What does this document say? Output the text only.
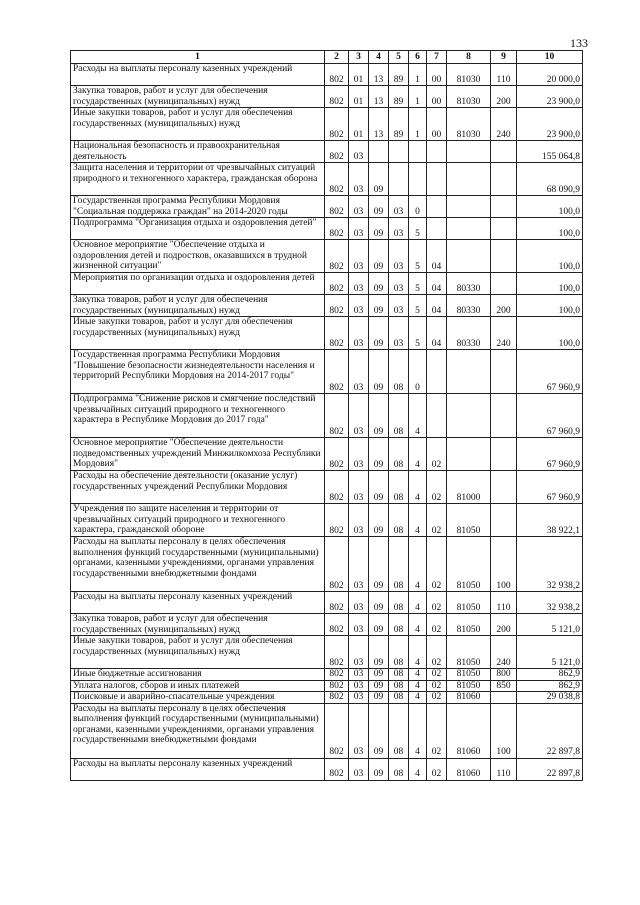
133
1	2	3	4	5	6	7	8	9	10
Расходы на выплаты персоналу казенных учреждений	802	01	13	89	1	00	81030	110	20 000,0
Закупка товаров, работ и услуг для обеспечения государственных (муниципальных) нужд	802	01	13	89	1	00	81030	200	23 900,0
Иные закупки товаров, работ и услуг для обеспечения государственных (муниципальных) нужд	802	01	13	89	1	00	81030	240	23 900,0
Национальная безопасность и правоохранительная деятельность	802	03							155 064,8
Защита населения и территории от чрезвычайных ситуаций природного и техногенного характера, гражданская оборона	802	03	09						68 090,9
Государственная программа Республики Мордовия "Социальная поддержка граждан" на 2014-2020 годы	802	03	09	03	0				100,0
Подпрограмма "Организация отдыха и оздоровления детей"	802	03	09	03	5				100,0
Основное мероприятие "Обеспечение отдыха и оздоровления детей и подростков, оказавшихся в трудной жизненной ситуации"	802	03	09	03	5	04			100,0
Мероприятия по организации отдыха и оздоровления детей	802	03	09	03	5	04	80330		100,0
Закупка товаров, работ и услуг для обеспечения государственных (муниципальных) нужд	802	03	09	03	5	04	80330	200	100,0
Иные закупки товаров, работ и услуг для обеспечения государственных (муниципальных) нужд	802	03	09	03	5	04	80330	240	100,0
Государственная программа Республики Мордовия "Повышение безопасности жизнедеятельности населения и территорий Республики Мордовия на 2014-2017 годы"	802	03	09	08	0				67 960,9
Подпрограмма "Снижение рисков и смягчение последствий чрезвычайных ситуаций природного и техногенного характера в Республике Мордовия до 2017 года"	802	03	09	08	4				67 960,9
Основное мероприятие "Обеспечение деятельности подведомственных учреждений Минжилкомхоза Республики Мордовия"	802	03	09	08	4	02			67 960,9
Расходы на обеспечение деятельности (оказание услуг) государственных учреждений Республики Мордовия	802	03	09	08	4	02	81000		67 960,9
Учреждения по защите населения и территории от чрезвычайных ситуаций природного и техногенного характера, гражданской обороне	802	03	09	08	4	02	81050		38 922,1
Расходы на выплаты персоналу в целях обеспечения выполнения функций государственными (муниципальными) органами, казенными учреждениями, органами управления государственными внебюджетными фондами	802	03	09	08	4	02	81050	100	32 938,2
Расходы на выплаты персоналу казенных учреждений	802	03	09	08	4	02	81050	110	32 938,2
Закупка товаров, работ и услуг для обеспечения государственных (муниципальных) нужд	802	03	09	08	4	02	81050	200	5 121,0
Иные закупки товаров, работ и услуг для обеспечения государственных (муниципальных) нужд	802	03	09	08	4	02	81050	240	5 121,0
Иные бюджетные ассигнования	802	03	09	08	4	02	81050	800	862,9
Уплата налогов, сборов и иных платежей	802	03	09	08	4	02	81050	850	862,9
Поисковые и аварийно-спасательные учреждения	802	03	09	08	4	02	81060		29 038,8
Расходы на выплаты персоналу в целях обеспечения выполнения функций государственными (муниципальными) органами, казенными учреждениями, органами управления государственными внебюджетными фондами	802	03	09	08	4	02	81060	100	22 897,8
Расходы на выплаты персоналу казенных учреждений	802	03	09	08	4	02	81060	110	22 897,8
